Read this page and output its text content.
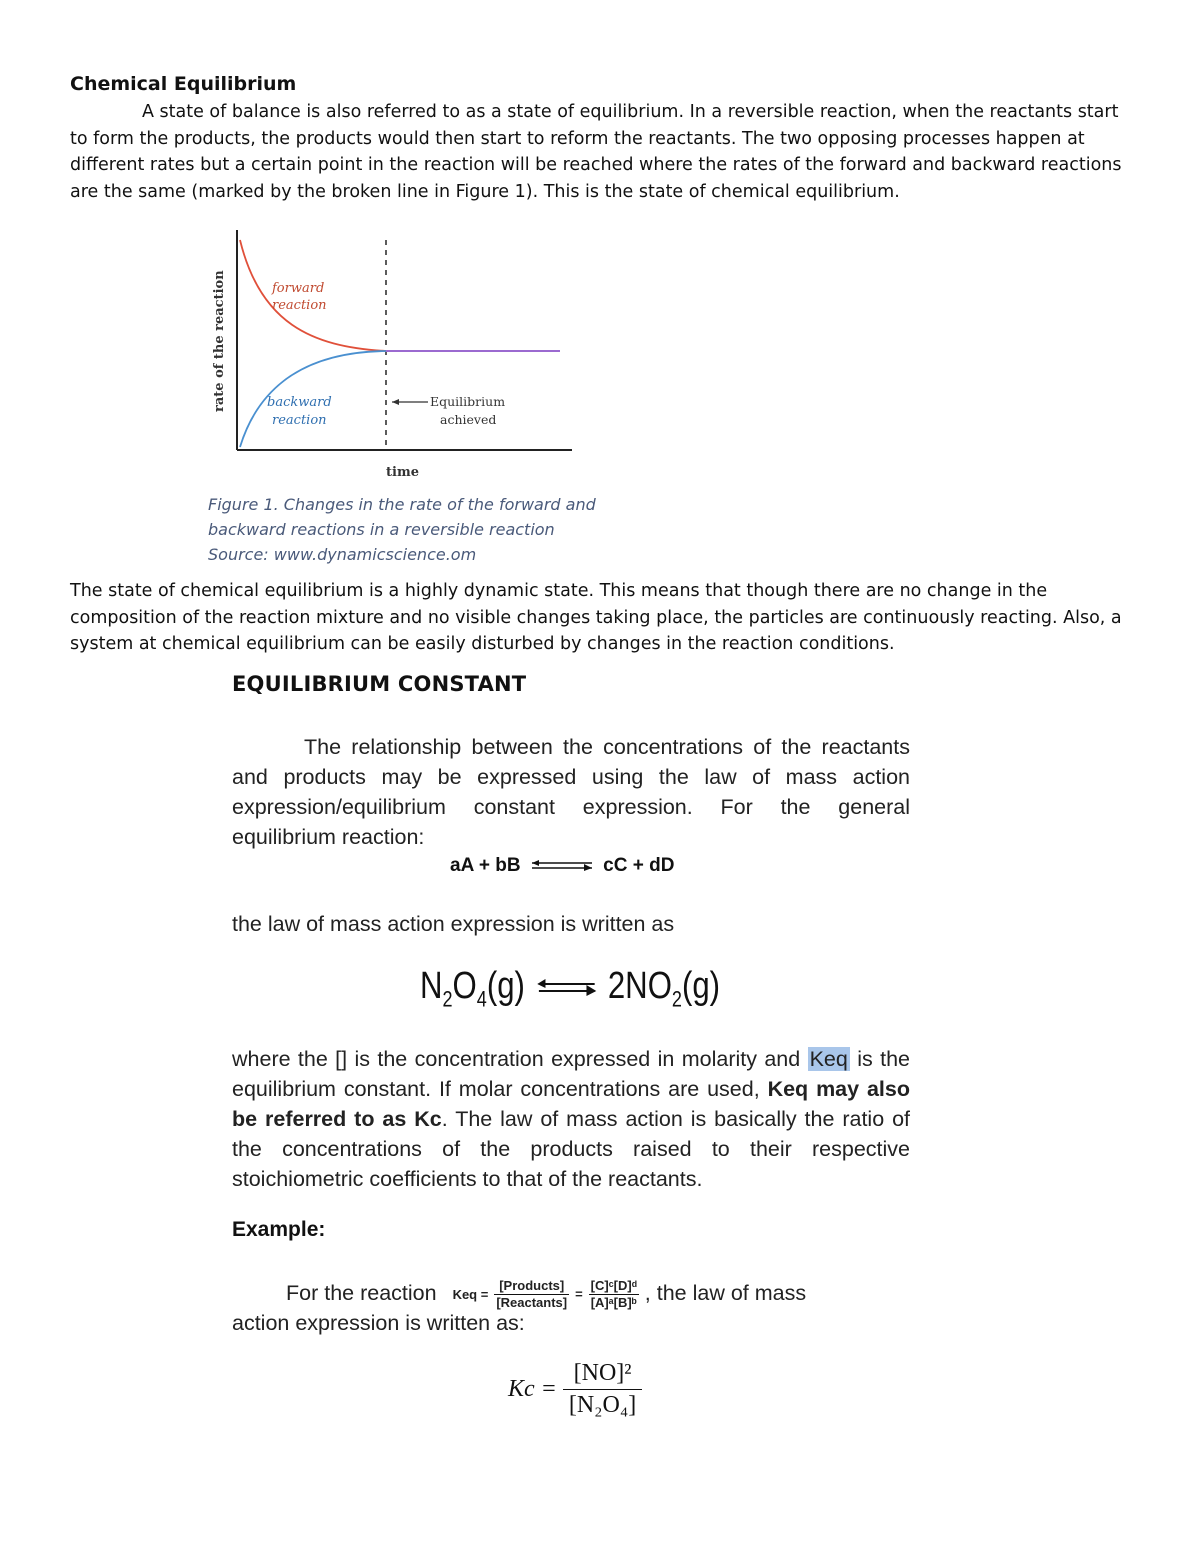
Chemical Equilibrium
A state of balance is also referred to as a state of equilibrium. In a reversible reaction, when the reactants start to form the products, the products would then start to reform the reactants. The two opposing processes happen at different rates but a certain point in the reaction will be reached where the rates of the forward and backward reactions are the same (marked by the broken line in Figure 1). This is the state of chemical equilibrium.
forward
reaction
backward
reaction
Equilibrium
achieved
time
rate of the reaction
Figure 1. Changes in the rate of the forward and
backward reactions in a reversible reaction
Source: www.dynamicscience.om
The state of chemical equilibrium is a highly dynamic state. This means that though there are no change in the composition of the reaction mixture and no visible changes taking place, the particles are continuously reacting. Also, a system at chemical equilibrium can be easily disturbed by changes in the reaction conditions.
EQUILIBRIUM CONSTANT
The relationship between the concentrations of the reactants and products may be expressed using the law of mass action expression/equilibrium constant expression. For the general equilibrium reaction:
aA + bB ⇌ cC + dD
the law of mass action expression is written as
$N_2O_4(g)$ ⇌ $2NO_2(g)$
where the [] is the concentration expressed in molarity and Keq is the equilibrium constant. If molar concentrations are used, Keq may also be referred to as Kc. The law of mass action is basically the ratio of the concentrations of the products raised to their respective stoichiometric coefficients to that of the reactants.
Example:
For the reaction Keq = $\frac{\text{[Products]}}{\text{[Reactants]}} = \frac{\text{[C]ᶜ[D]ᵈ}}{\text{[A]ᵃ[B]ᵇ}}$ , the law of mass
action expression is written as:
$Kc = \frac{\text{[NO]²}}{\text{[N₂O₄]}}$
